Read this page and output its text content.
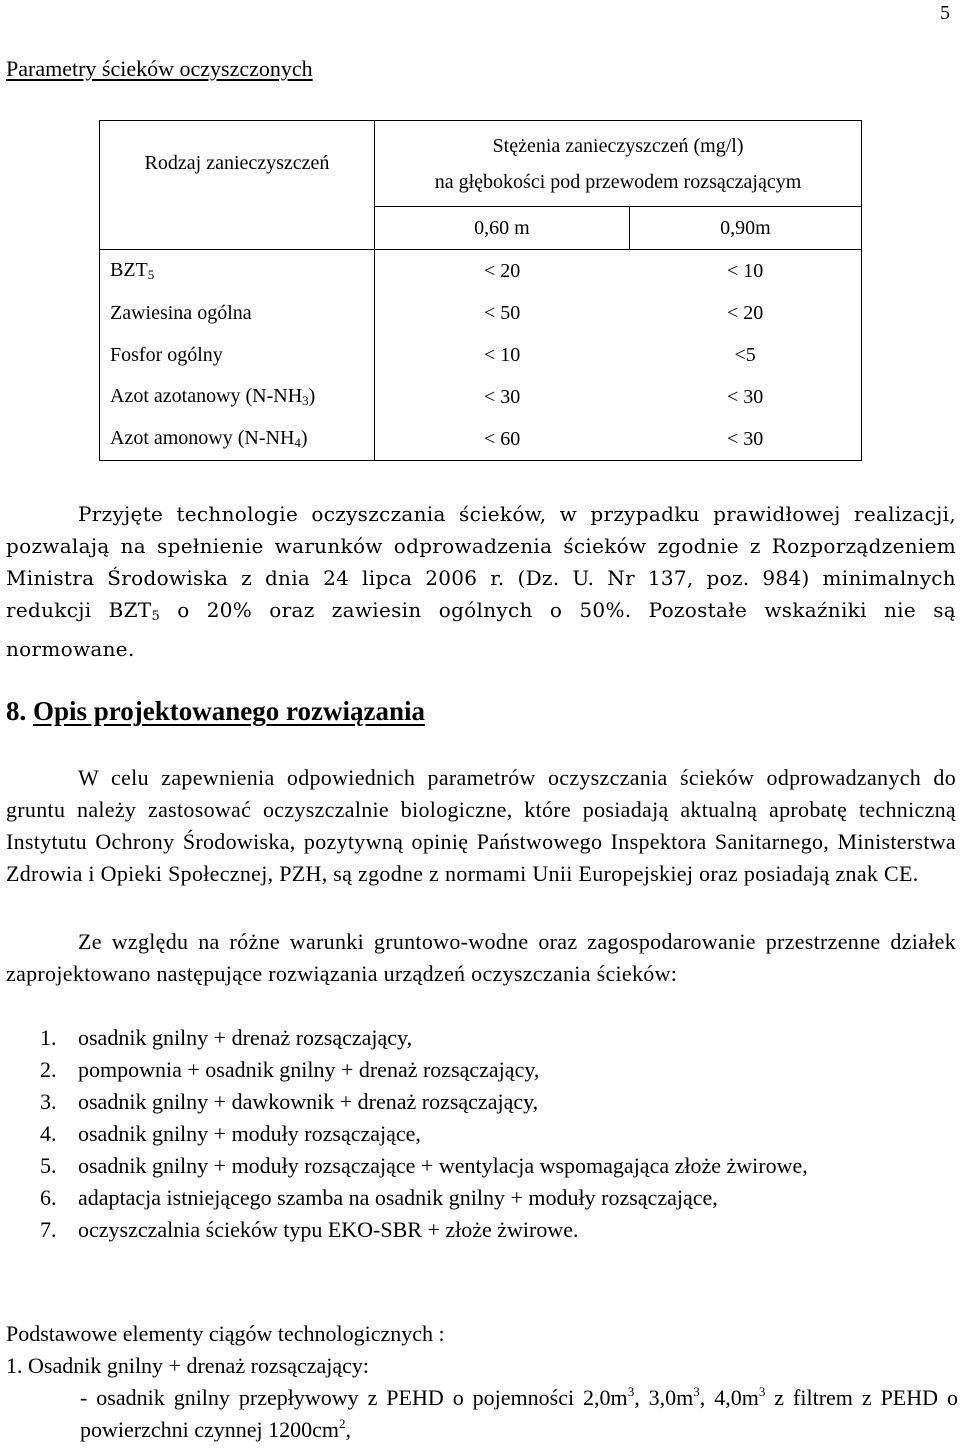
5
Parametry ścieków oczyszczonych
Rodzaj zanieczyszczeń	Stężenia zanieczyszczeń (mg/l)
na głębokości pod przewodem rozsączającym	

	0,60 m	0,90m
$BZT_5$	< 20	< 10
Zawiesina ogólna	< 50	< 20
Fosfor ogólny	< 10	<5
Azot azotanowy $(N-NH_3)$	< 30	< 30
Azot amonowy $(N-NH_4)$	< 60	< 30
Przyjęte technologie oczyszczania ścieków, w przypadku prawidłowej realizacji, pozwalają na spełnienie warunków odprowadzenia ścieków zgodnie z Rozporządzeniem Ministra Środowiska z dnia 24 lipca 2006 r. (Dz. U. Nr 137, poz. 984) minimalnych redukcji $BZT_5$ o 20% oraz zawiesin ogólnych o 50%. Pozostałe wskaźniki nie są normowane.
8. Opis projektowanego rozwiązania
W celu zapewnienia odpowiednich parametrów oczyszczania ścieków odprowadzanych do gruntu należy zastosować oczyszczalnie biologiczne, które posiadają aktualną aprobatę techniczną Instytutu Ochrony Środowiska, pozytywną opinię Państwowego Inspektora Sanitarnego, Ministerstwa Zdrowia i Opieki Społecznej, PZH, są zgodne z normami Unii Europejskiej oraz posiadają znak CE.
Ze względu na różne warunki gruntowo-wodne oraz zagospodarowanie przestrzenne działek zaprojektowano następujące rozwiązania urządzeń oczyszczania ścieków:
1. osadnik gnilny + drenaż rozsączający,
2. pompownia + osadnik gnilny + drenaż rozsączający,
3. osadnik gnilny + dawkownik + drenaż rozsączający,
4. osadnik gnilny + moduły rozsączające,
5. osadnik gnilny + moduły rozsączające + wentylacja wspomagająca złoże żwirowe,
6. adaptacja istniejącego szamba na osadnik gnilny + moduły rozsączające,
7. oczyszczalnia ścieków typu EKO-SBR + złoże żwirowe.
Podstawowe elementy ciągów technologicznych :
1. Osadnik gnilny + drenaż rozsączający:
- osadnik gnilny przepływowy z PEHD o pojemności $2,0m^3$, $3,0m^3$, $4,0m^3$ z filtrem z PEHD o powierzchni czynnej $1200cm^2$,
